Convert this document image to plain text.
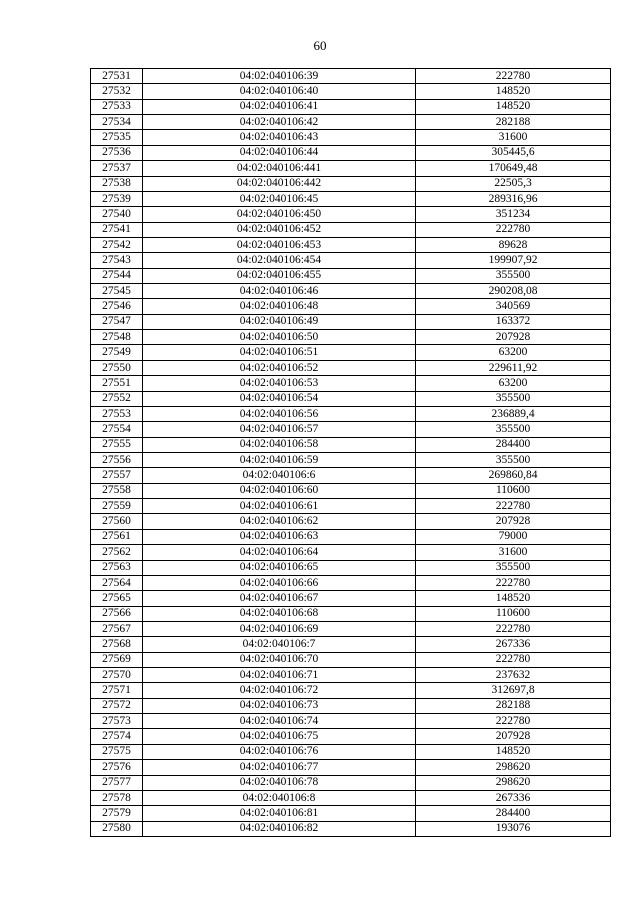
60
27531	04:02:040106:39	222780
27532	04:02:040106:40	148520
27533	04:02:040106:41	148520
27534	04:02:040106:42	282188
27535	04:02:040106:43	31600
27536	04:02:040106:44	305445,6
27537	04:02:040106:441	170649,48
27538	04:02:040106:442	22505,3
27539	04:02:040106:45	289316,96
27540	04:02:040106:450	351234
27541	04:02:040106:452	222780
27542	04:02:040106:453	89628
27543	04:02:040106:454	199907,92
27544	04:02:040106:455	355500
27545	04:02:040106:46	290208,08
27546	04:02:040106:48	340569
27547	04:02:040106:49	163372
27548	04:02:040106:50	207928
27549	04:02:040106:51	63200
27550	04:02:040106:52	229611,92
27551	04:02:040106:53	63200
27552	04:02:040106:54	355500
27553	04:02:040106:56	236889,4
27554	04:02:040106:57	355500
27555	04:02:040106:58	284400
27556	04:02:040106:59	355500
27557	04:02:040106:6	269860,84
27558	04:02:040106:60	110600
27559	04:02:040106:61	222780
27560	04:02:040106:62	207928
27561	04:02:040106:63	79000
27562	04:02:040106:64	31600
27563	04:02:040106:65	355500
27564	04:02:040106:66	222780
27565	04:02:040106:67	148520
27566	04:02:040106:68	110600
27567	04:02:040106:69	222780
27568	04:02:040106:7	267336
27569	04:02:040106:70	222780
27570	04:02:040106:71	237632
27571	04:02:040106:72	312697,8
27572	04:02:040106:73	282188
27573	04:02:040106:74	222780
27574	04:02:040106:75	207928
27575	04:02:040106:76	148520
27576	04:02:040106:77	298620
27577	04:02:040106:78	298620
27578	04:02:040106:8	267336
27579	04:02:040106:81	284400
27580	04:02:040106:82	193076
